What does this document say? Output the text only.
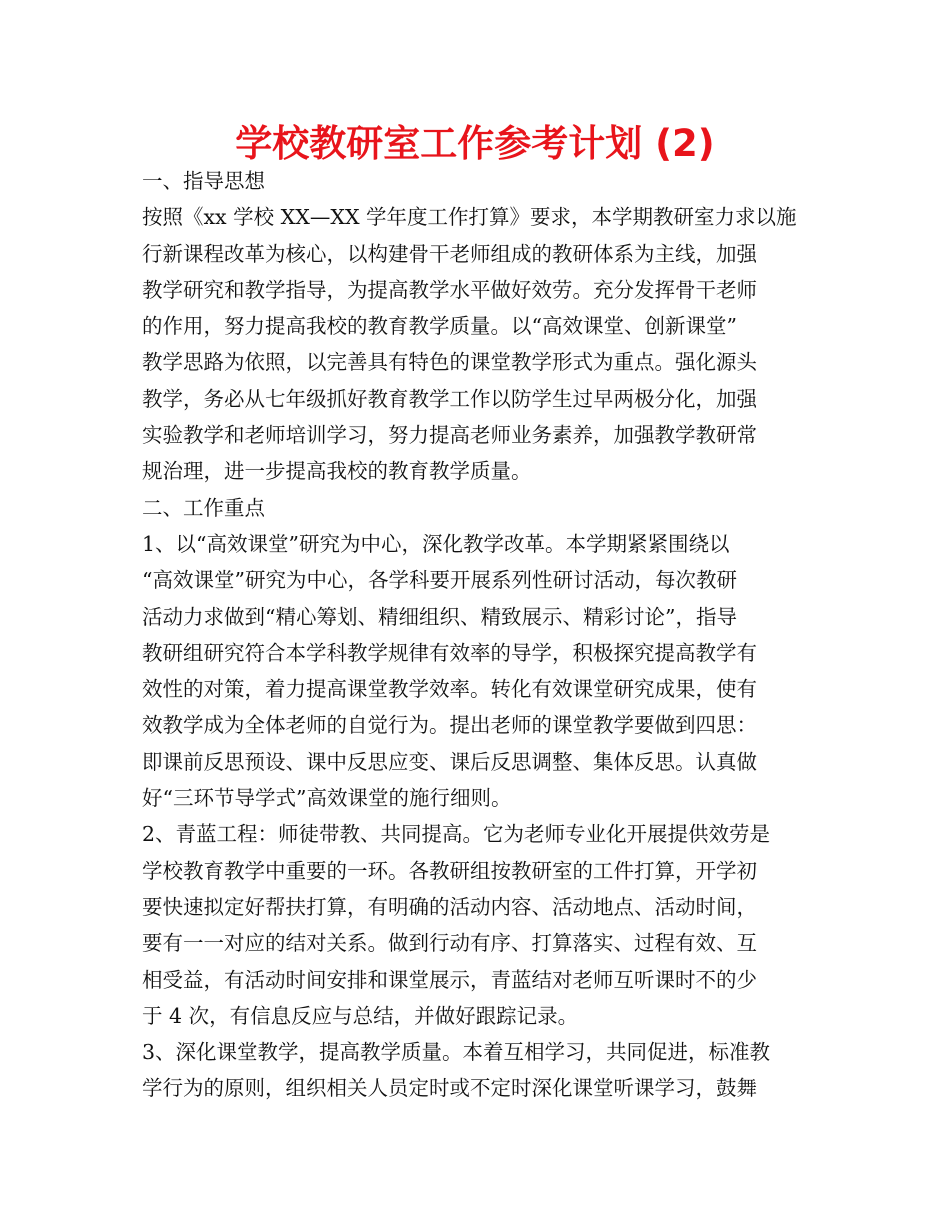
学校教研室工作参考计划 (2)
一、指导思想
按照《xx 学校 XX—XX 学年度工作打算》要求，本学期教研室力求以施
行新课程改革为核心，以构建骨干老师组成的教研体系为主线，加强
教学研究和教学指导，为提高教学水平做好效劳。充分发挥骨干老师
的作用，努力提高我校的教育教学质量。以“高效课堂、创新课堂”
教学思路为依照，以完善具有特色的课堂教学形式为重点。强化源头
教学，务必从七年级抓好教育教学工作以防学生过早两极分化，加强
实验教学和老师培训学习，努力提高老师业务素养，加强教学教研常
规治理，进一步提高我校的教育教学质量。
二、工作重点
1、以“高效课堂”研究为中心，深化教学改革。本学期紧紧围绕以
“高效课堂”研究为中心，各学科要开展系列性研讨活动，每次教研
活动力求做到“精心筹划、精细组织、精致展示、精彩讨论”，指导
教研组研究符合本学科教学规律有效率的导学，积极探究提高教学有
效性的对策，着力提高课堂教学效率。转化有效课堂研究成果，使有
效教学成为全体老师的自觉行为。提出老师的课堂教学要做到四思：
即课前反思预设、课中反思应变、课后反思调整、集体反思。认真做
好“三环节导学式”高效课堂的施行细则。
2、青蓝工程：师徒带教、共同提高。它为老师专业化开展提供效劳是
学校教育教学中重要的一环。各教研组按教研室的工件打算，开学初
要快速拟定好帮扶打算，有明确的活动内容、活动地点、活动时间，
要有一一对应的结对关系。做到行动有序、打算落实、过程有效、互
相受益，有活动时间安排和课堂展示，青蓝结对老师互听课时不的少
于 4 次，有信息反应与总结，并做好跟踪记录。
3、深化课堂教学，提高教学质量。本着互相学习，共同促进，标准教
学行为的原则，组织相关人员定时或不定时深化课堂听课学习，鼓舞
